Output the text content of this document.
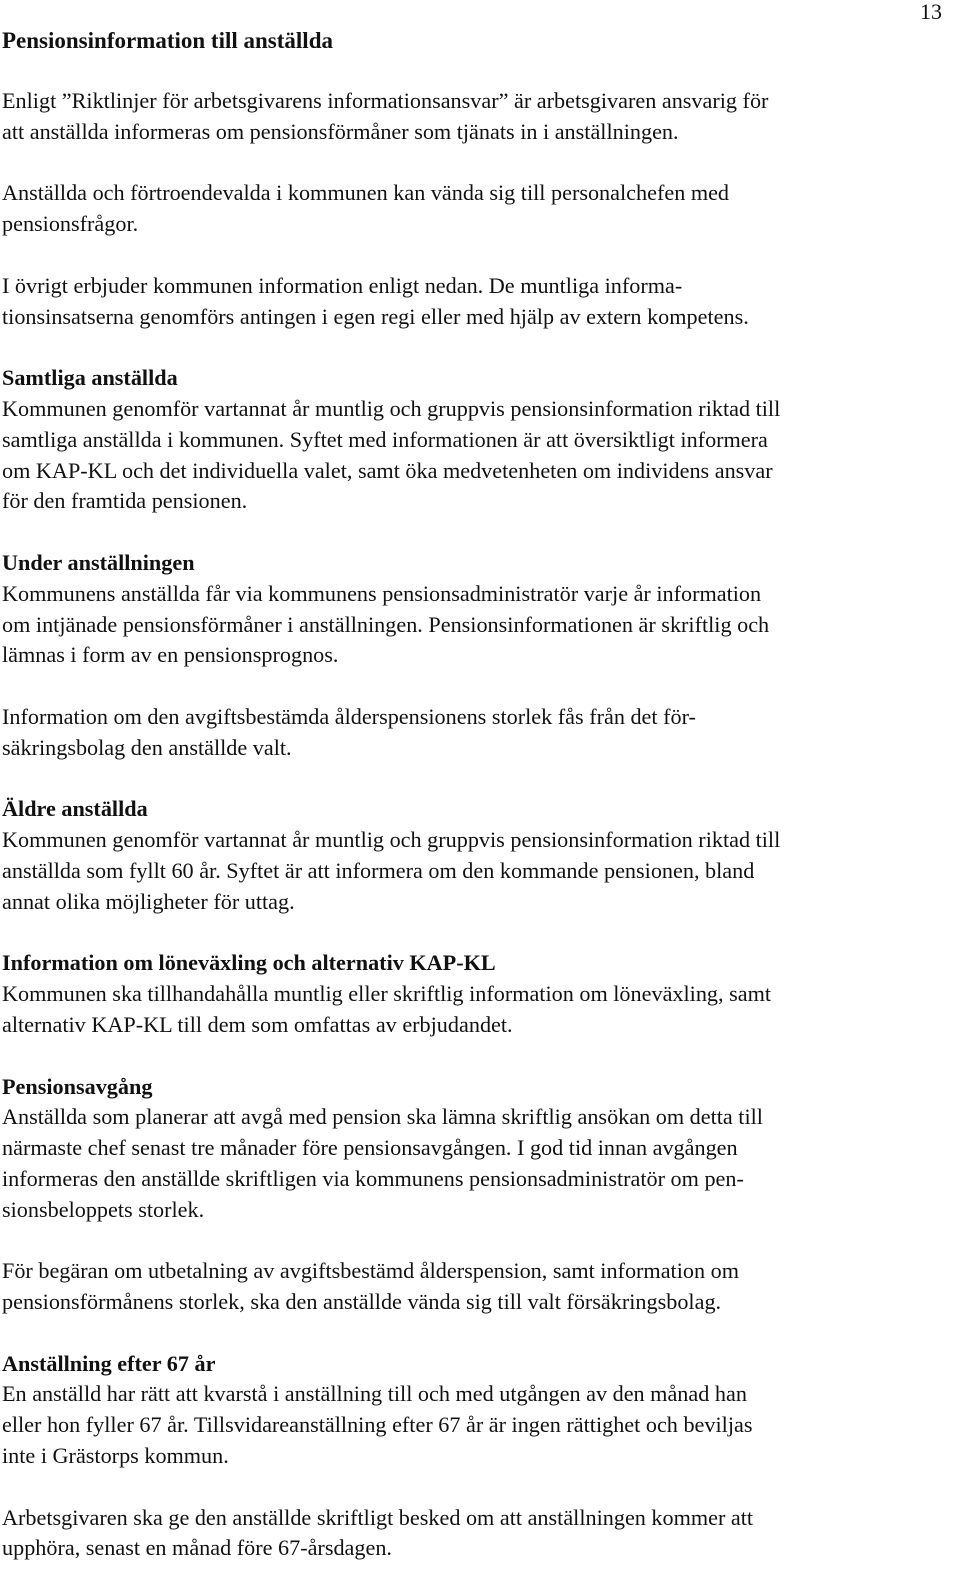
13
Pensionsinformation till anställda

Enligt ”Riktlinjer för arbetsgivarens informationsansvar” är arbetsgivaren ansvarig för
att anställda informeras om pensionsförmåner som tjänats in i anställningen.

Anställda och förtroendevalda i kommunen kan vända sig till personalchefen med
pensionsfrågor.

I övrigt erbjuder kommunen information enligt nedan. De muntliga informa-
tionsinsatserna genomförs antingen i egen regi eller med hjälp av extern kompetens.

Samtliga anställda

Kommunen genomför vartannat år muntlig och gruppvis pensionsinformation riktad till
samtliga anställda i kommunen. Syftet med informationen är att översiktligt informera
om KAP-KL och det individuella valet, samt öka medvetenheten om individens ansvar
för den framtida pensionen.

Under anställningen

Kommunens anställda får via kommunens pensionsadministratör varje år information
om intjänade pensionsförmåner i anställningen. Pensionsinformationen är skriftlig och
lämnas i form av en pensionsprognos.

Information om den avgiftsbestämda ålderspensionens storlek fås från det för-
säkringsbolag den anställde valt.

Äldre anställda

Kommunen genomför vartannat år muntlig och gruppvis pensionsinformation riktad till
anställda som fyllt 60 år. Syftet är att informera om den kommande pensionen, bland
annat olika möjligheter för uttag.

Information om löneväxling och alternativ KAP-KL

Kommunen ska tillhandahålla muntlig eller skriftlig information om löneväxling, samt
alternativ KAP-KL till dem som omfattas av erbjudandet.

Pensionsavgång

Anställda som planerar att avgå med pension ska lämna skriftlig ansökan om detta till
närmaste chef senast tre månader före pensionsavgången. I god tid innan avgången
informeras den anställde skriftligen via kommunens pensionsadministratör om pen-
sionsbeloppets storlek.

För begäran om utbetalning av avgiftsbestämd ålderspension, samt information om
pensionsförmånens storlek, ska den anställde vända sig till valt försäkringsbolag.

Anställning efter 67 år

En anställd har rätt att kvarstå i anställning till och med utgången av den månad han
eller hon fyller 67 år. Tillsvidareanställning efter 67 år är ingen rättighet och beviljas
inte i Grästorps kommun.

Arbetsgivaren ska ge den anställde skriftligt besked om att anställningen kommer att
upphöra, senast en månad före 67-årsdagen.
